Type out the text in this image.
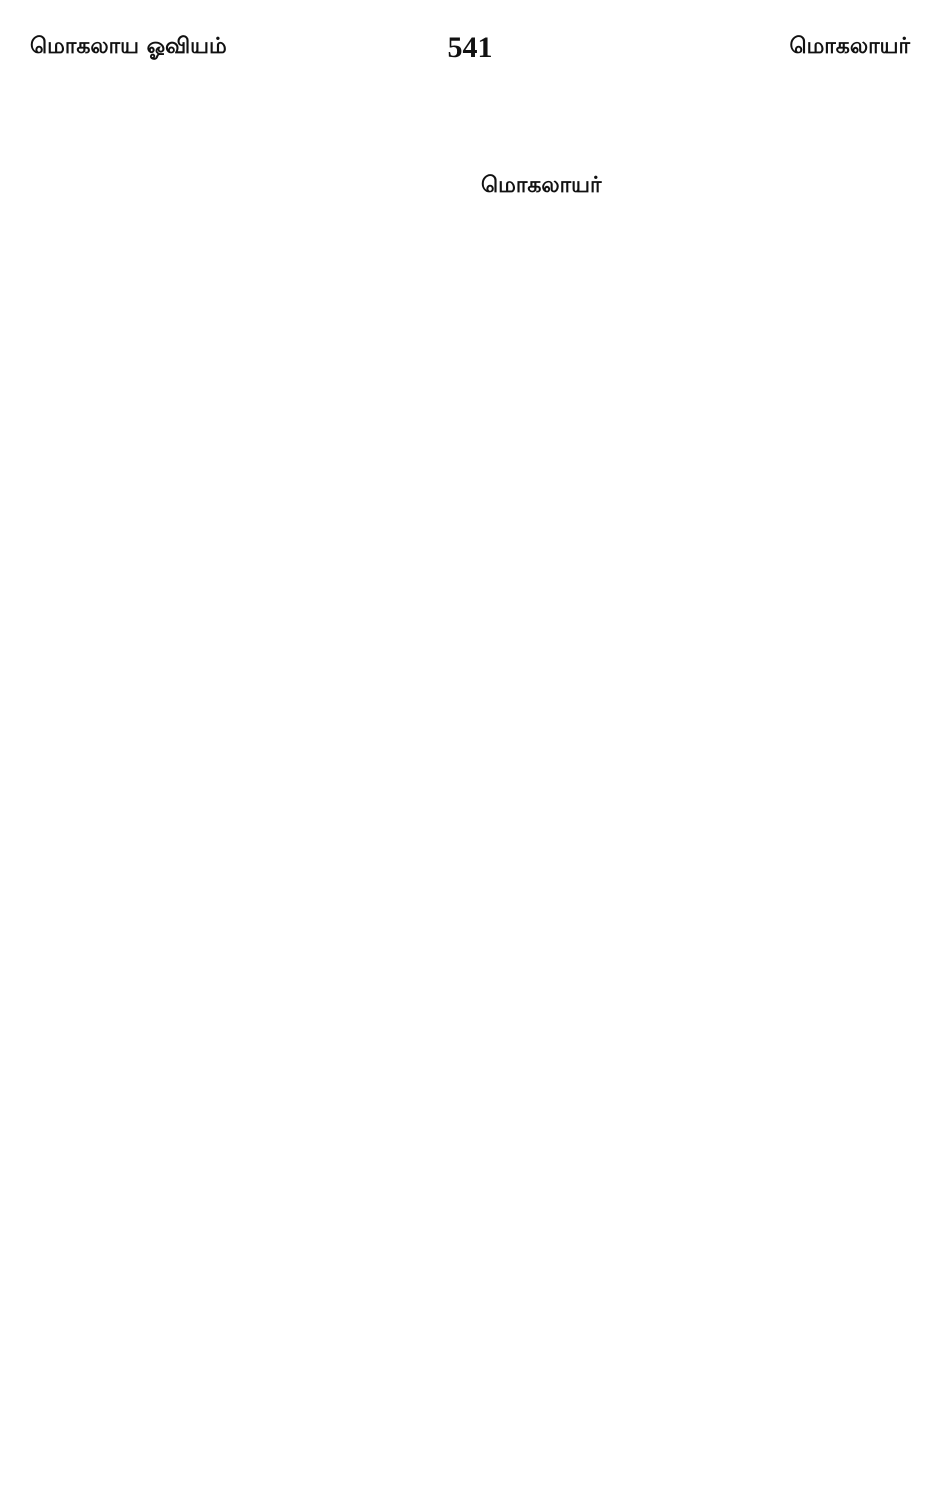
மொகலாய ஓவியம்	541	மொகலாயர்

மொகலாயர்
